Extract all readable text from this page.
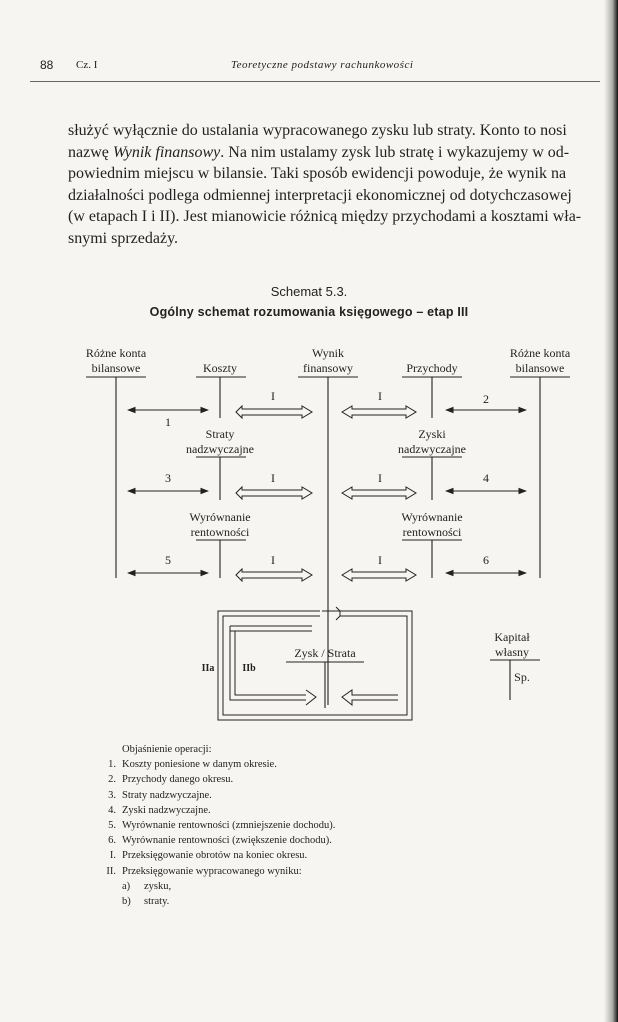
88 Cz. I	Teoretyczne podstawy rachunkowości
służyć wyłącznie do ustalania wypracowanego zysku lub straty. Konto to nosi
nazwę Wynik finansowy. Na nim ustalamy zysk lub stratę i wykazujemy w od-
powiednim miejscu w bilansie. Taki sposób ewidencji powoduje, że wynik na
działalności podlega odmiennej interpretacji ekonomicznej od dotychczasowej
(w etapach I i II). Jest mianowicie różnicą między przychodami a kosztami wła-
snymi sprzedaży.
Schemat 5.3.
Ogólny schemat rozumowania księgowego – etap III
Różne konta
bilansowe	Koszty
Wynik
finansowy	Przychody
Różne konta
bilansowe
Straty
nadzwyczajne
Zyski
nadzwyczajne
Wyrównanie
rentowności
Wyrównanie
rentowności
Zysk / Strata
Kapitał
własny
Sp.
1
2
3	4
5	6
I
I
I
I
I
I
IIa	IIb
Objaśnienie operacji:
1. Koszty poniesione w danym okresie.
2. Przychody danego okresu.
3. Straty nadzwyczajne.
4. Zyski nadzwyczajne.
5. Wyrównanie rentowności (zmniejszenie dochodu).
6. Wyrównanie rentowności (zwiększenie dochodu).
I. Przeksięgowanie obrotów na koniec okresu.
II. Przeksięgowanie wypracowanego wyniku:
a)	zysku,
b)	straty.
